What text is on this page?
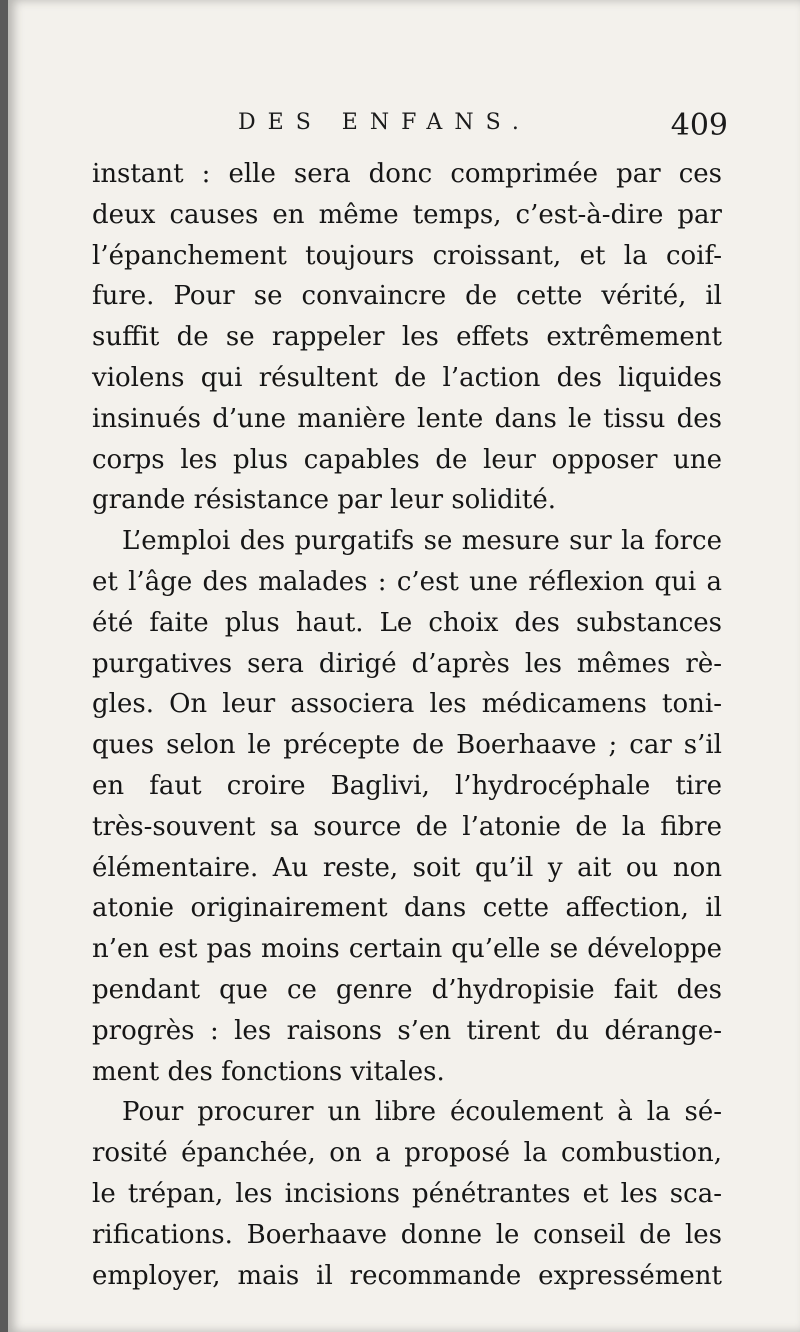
DES ENFANS.	409
instant : elle sera donc comprimée par ces
deux causes en même temps, c’est-à-dire par
l’épanchement toujours croissant, et la coif-
fure. Pour se convaincre de cette vérité, il
suffit de se rappeler les effets extrêmement
violens qui résultent de l’action des liquides
insinués d’une manière lente dans le tissu des
corps les plus capables de leur opposer une
grande résistance par leur solidité.
L’emploi des purgatifs se mesure sur la force
et l’âge des malades : c’est une réflexion qui a
été faite plus haut. Le choix des substances
purgatives sera dirigé d’après les mêmes rè-
gles. On leur associera les médicamens toni-
ques selon le précepte de Boerhaave ; car s’il
en faut croire Baglivi, l’hydrocéphale tire
très-souvent sa source de l’atonie de la fibre
élémentaire. Au reste, soit qu’il y ait ou non
atonie originairement dans cette affection, il
n’en est pas moins certain qu’elle se développe
pendant que ce genre d’hydropisie fait des
progrès : les raisons s’en tirent du dérange-
ment des fonctions vitales.
Pour procurer un libre écoulement à la sé-
rosité épanchée, on a proposé la combustion,
le trépan, les incisions pénétrantes et les sca-
rifications. Boerhaave donne le conseil de les
employer, mais il recommande expressément
